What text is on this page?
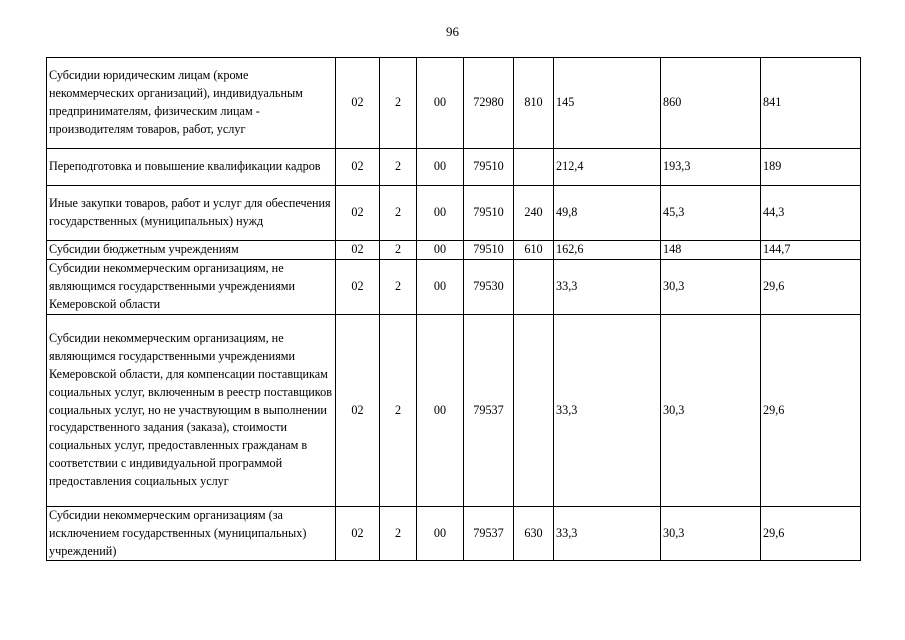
96
Субсидии юридическим лицам (кроме некоммерческих организаций), индивидуальным предпринимателям, физическим лицам - производителям товаров, работ, услуг	02	2	00	72980	810	145	860	841
Переподготовка и повышение квалификации кадров	02	2	00	79510		212,4	193,3	189
Иные закупки товаров, работ и услуг для обеспечения государственных (муниципальных) нужд	02	2	00	79510	240	49,8	45,3	44,3
Субсидии бюджетным учреждениям	02	2	00	79510	610	162,6	148	144,7
Субсидии некоммерческим организациям, не являющимся государственными учреждениями Кемеровской области	02	2	00	79530		33,3	30,3	29,6
Субсидии некоммерческим организациям, не являющимся государственными учреждениями Кемеровской области, для компенсации поставщикам социальных услуг, включенным в реестр поставщиков социальных услуг, но не участвующим в выполнении государственного задания (заказа), стоимости социальных услуг, предоставленных гражданам в соответствии с индивидуальной программой предоставления социальных услуг	02	2	00	79537		33,3	30,3	29,6
Субсидии некоммерческим организациям (за исключением государственных (муниципальных) учреждений)	02	2	00	79537	630	33,3	30,3	29,6
